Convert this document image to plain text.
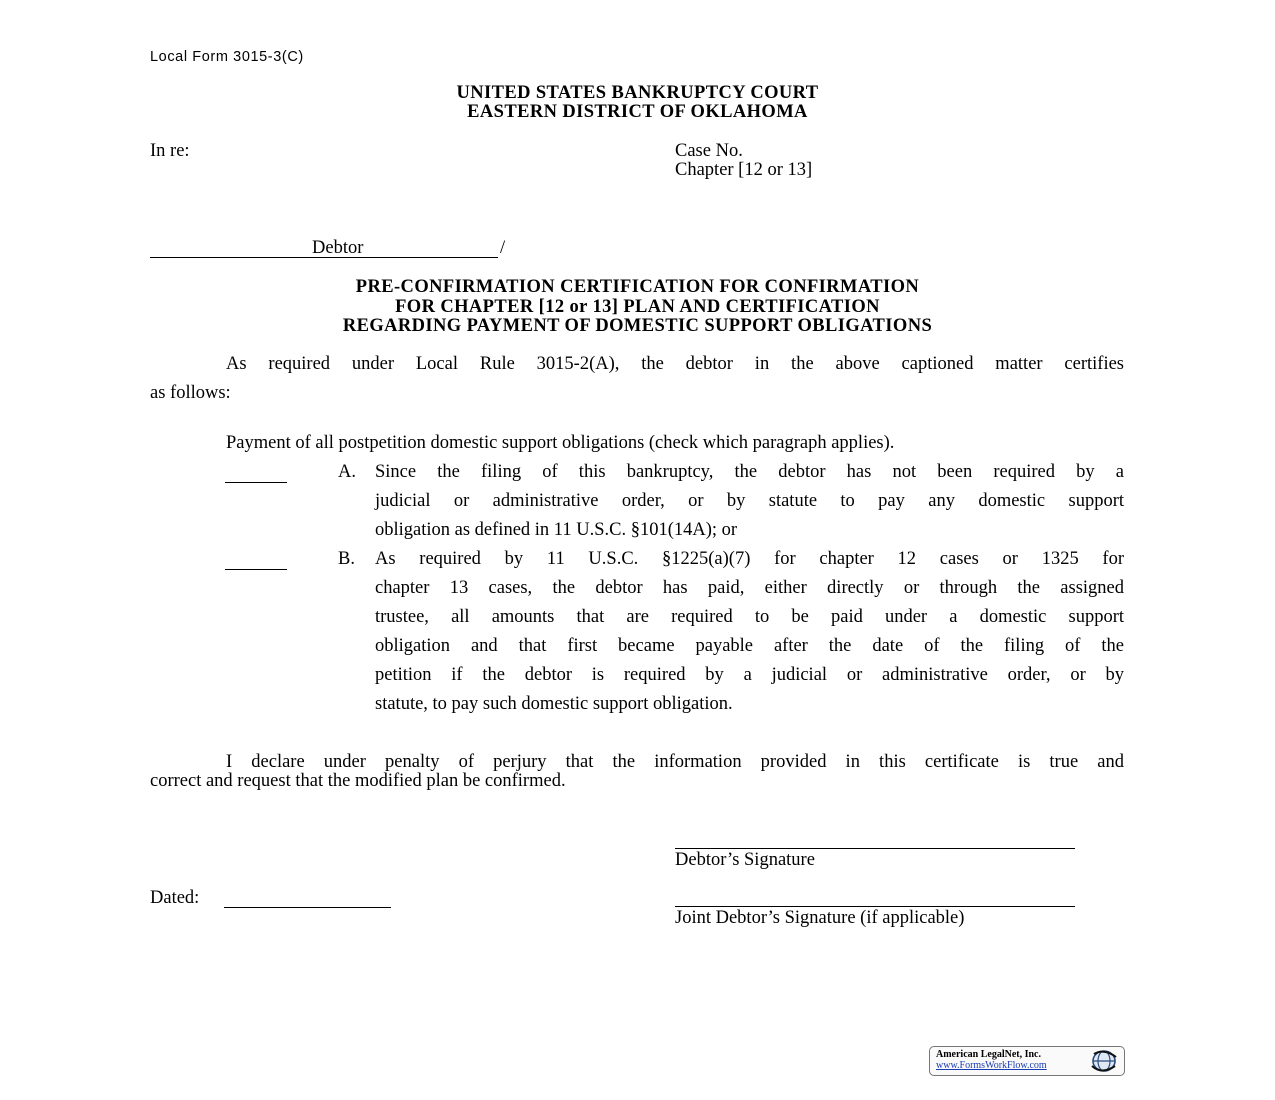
Local Form 3015-3(C)
UNITED STATES BANKRUPTCY COURT
EASTERN DISTRICT OF OKLAHOMA
In re:	Case No.
Chapter [12 or 13]
Debtor	/
PRE-CONFIRMATION CERTIFICATION FOR CONFIRMATION
FOR CHAPTER [12 or 13] PLAN AND CERTIFICATION
REGARDING PAYMENT OF DOMESTIC SUPPORT OBLIGATIONS
As required under Local Rule 3015-2(A), the debtor in the above captioned matter certifies
as follows:
Payment of all postpetition domestic support obligations (check which paragraph applies).
A. Since the filing of this bankruptcy, the debtor has not been required by a
judicial or administrative order, or by statute to pay any domestic support
obligation as defined in 11 U.S.C. §101(14A); or
B. As required by 11 U.S.C. §1225(a)(7) for chapter 12 cases or 1325 for
chapter 13 cases, the debtor has paid, either directly or through the assigned
trustee, all amounts that are required to be paid under a domestic support
obligation and that first became payable after the date of the filing of the
petition if the debtor is required by a judicial or administrative order, or by
statute, to pay such domestic support obligation.
I declare under penalty of perjury that the information provided in this certificate is true and
correct and request that the modified plan be confirmed.
Debtor’s Signature
Dated:
Joint Debtor’s Signature (if applicable)
American LegalNet, Inc.
www.FormsWorkFlow.com
